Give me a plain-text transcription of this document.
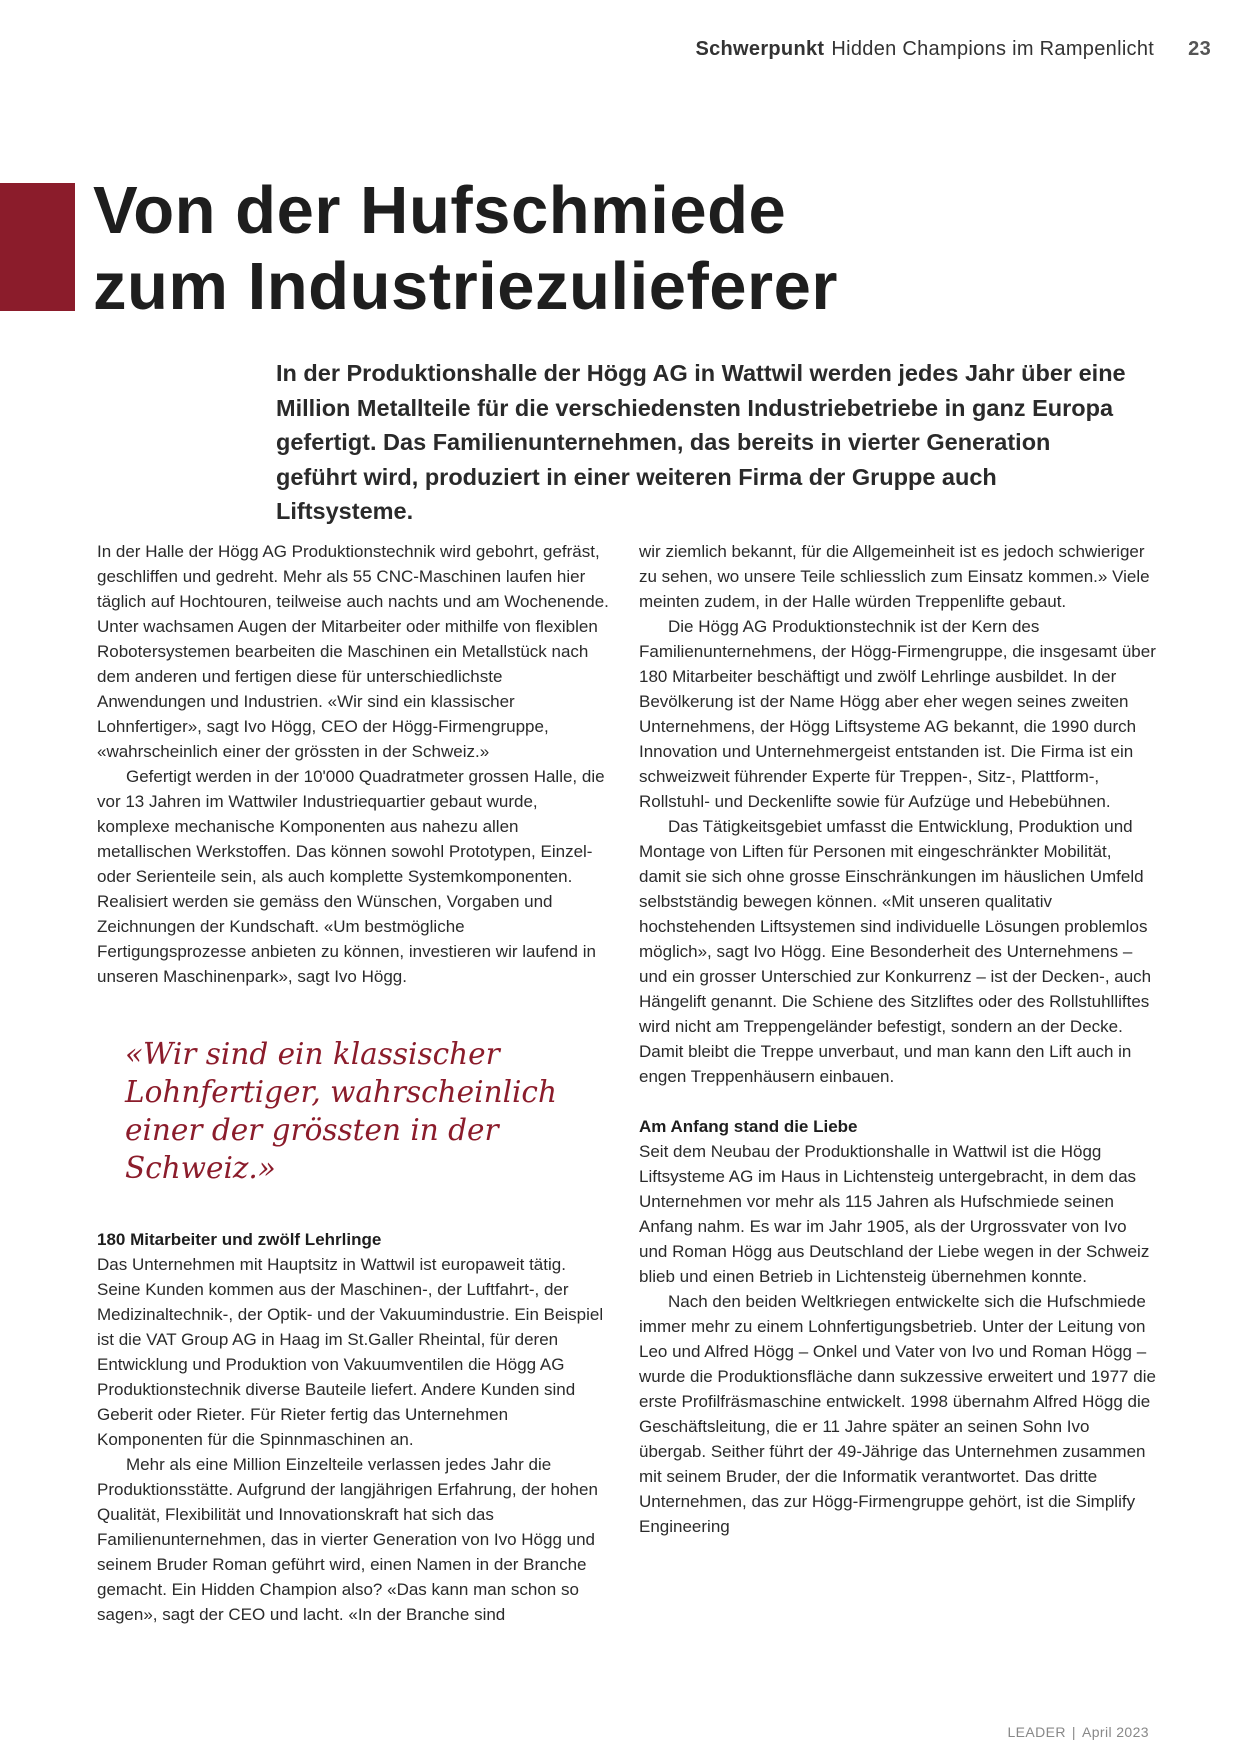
Schwerpunkt Hidden Champions im Rampenlicht 23
Von der Hufschmiede
zum Industriezulieferer

In der Produktionshalle der Högg AG in Wattwil werden jedes Jahr über eine Million Metallteile für die verschiedensten Industriebetriebe in ganz Europa gefertigt. Das Familienunternehmen, das bereits in vierter Generation geführt wird, produziert in einer weiteren Firma der Gruppe auch Liftsysteme.

In der Halle der Högg AG Produktionstechnik wird gebohrt, gefräst, geschliffen und gedreht. Mehr als 55 CNC-Maschinen laufen hier täglich auf Hochtouren, teilweise auch nachts und am Wochenende. Unter wachsamen Augen der Mitarbeiter oder mithilfe von flexiblen Robotersystemen bearbeiten die Maschinen ein Metallstück nach dem anderen und fertigen diese für unterschiedlichste Anwendungen und Industrien. «Wir sind ein klassischer Lohnfertiger», sagt Ivo Högg, CEO der Högg-Firmengruppe, «wahrscheinlich einer der grössten in der Schweiz.»

Gefertigt werden in der 10'000 Quadratmeter grossen Halle, die vor 13 Jahren im Wattwiler Industriequartier gebaut wurde, komplexe mechanische Komponenten aus nahezu allen metallischen Werkstoffen. Das können sowohl Prototypen, Einzel- oder Serienteile sein, als auch komplette Systemkomponenten. Realisiert werden sie gemäss den Wünschen, Vorgaben und Zeichnungen der Kundschaft. «Um bestmögliche Fertigungsprozesse anbieten zu können, investieren wir laufend in unseren Maschinenpark», sagt Ivo Högg.

«Wir sind ein klassischer Lohnfertiger, wahrscheinlich einer der grössten in der Schweiz.»

180 Mitarbeiter und zwölf Lehrlinge

Das Unternehmen mit Hauptsitz in Wattwil ist europaweit tätig. Seine Kunden kommen aus der Maschinen-, der Luftfahrt-, der Medizinaltechnik-, der Optik- und der Vakuumindustrie. Ein Beispiel ist die VAT Group AG in Haag im St.Galler Rheintal, für deren Entwicklung und Produktion von Vakuumventilen die Högg AG Produktionstechnik diverse Bauteile liefert. Andere Kunden sind Geberit oder Rieter. Für Rieter fertig das Unternehmen Komponenten für die Spinnmaschinen an.

Mehr als eine Million Einzelteile verlassen jedes Jahr die Produktionsstätte. Aufgrund der langjährigen Erfahrung, der hohen Qualität, Flexibilität und Innovationskraft hat sich das Familienunternehmen, das in vierter Generation von Ivo Högg und seinem Bruder Roman geführt wird, einen Namen in der Branche gemacht. Ein Hidden Champion also? «Das kann man schon so sagen», sagt der CEO und lacht. «In der Branche sind

wir ziemlich bekannt, für die Allgemeinheit ist es jedoch schwieriger zu sehen, wo unsere Teile schliesslich zum Einsatz kommen.» Viele meinten zudem, in der Halle würden Treppenlifte gebaut.

Die Högg AG Produktionstechnik ist der Kern des Familienunternehmens, der Högg-Firmengruppe, die insgesamt über 180 Mitarbeiter beschäftigt und zwölf Lehrlinge ausbildet. In der Bevölkerung ist der Name Högg aber eher wegen seines zweiten Unternehmens, der Högg Liftsysteme AG bekannt, die 1990 durch Innovation und Unternehmergeist entstanden ist. Die Firma ist ein schweizweit führender Experte für Treppen-, Sitz-, Plattform-, Rollstuhl- und Deckenlifte sowie für Aufzüge und Hebebühnen.

Das Tätigkeitsgebiet umfasst die Entwicklung, Produktion und Montage von Liften für Personen mit eingeschränkter Mobilität, damit sie sich ohne grosse Einschränkungen im häuslichen Umfeld selbstständig bewegen können. «Mit unseren qualitativ hochstehenden Liftsystemen sind individuelle Lösungen problemlos möglich», sagt Ivo Högg. Eine Besonderheit des Unternehmens – und ein grosser Unterschied zur Konkurrenz – ist der Decken-, auch Hängelift genannt. Die Schiene des Sitzliftes oder des Rollstuhlliftes wird nicht am Treppengeländer befestigt, sondern an der Decke. Damit bleibt die Treppe unverbaut, und man kann den Lift auch in engen Treppenhäusern einbauen.

Am Anfang stand die Liebe

Seit dem Neubau der Produktionshalle in Wattwil ist die Högg Liftsysteme AG im Haus in Lichtensteig untergebracht, in dem das Unternehmen vor mehr als 115 Jahren als Hufschmiede seinen Anfang nahm. Es war im Jahr 1905, als der Urgrossvater von Ivo und Roman Högg aus Deutschland der Liebe wegen in der Schweiz blieb und einen Betrieb in Lichtensteig übernehmen konnte.

Nach den beiden Weltkriegen entwickelte sich die Hufschmiede immer mehr zu einem Lohnfertigungsbetrieb. Unter der Leitung von Leo und Alfred Högg – Onkel und Vater von Ivo und Roman Högg – wurde die Produktionsfläche dann sukzessive erweitert und 1977 die erste Profilfräsmaschine entwickelt. 1998 übernahm Alfred Högg die Geschäftsleitung, die er 11 Jahre später an seinen Sohn Ivo übergab. Seither führt der 49-Jährige das Unternehmen zusammen mit seinem Bruder, der die Informatik verantwortet. Das dritte Unternehmen, das zur Högg-Firmengruppe gehört, ist die Simplify Engineering

LEADER | April 2023
